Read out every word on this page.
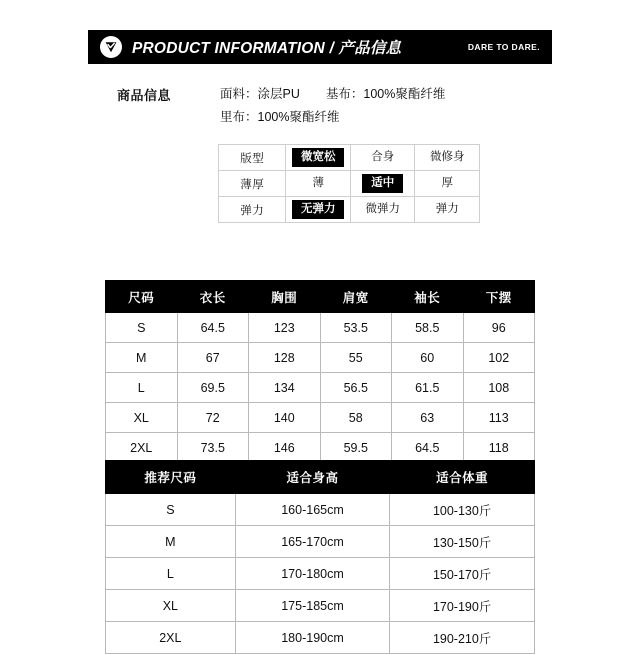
PRODUCT INFORMATION / 产品信息	DARE TO DARE.
商品信息	面料：涂层PU 基布：100%聚酯纤维
里布：100%聚酯纤维
版型	微宽松	合身	微修身
薄厚	薄	适中	厚
弹力	无弹力	微弹力	弹力
尺码	衣长	胸围	肩宽	袖长	下摆
S	64.5	123	53.5	58.5	96
M	67	128	55	60	102
L	69.5	134	56.5	61.5	108
XL	72	140	58	63	113
2XL	73.5	146	59.5	64.5	118
推荐尺码	适合身高	适合体重
S	160-165cm	100-130斤
M	165-170cm	130-150斤
L	170-180cm	150-170斤
XL	175-185cm	170-190斤
2XL	180-190cm	190-210斤
